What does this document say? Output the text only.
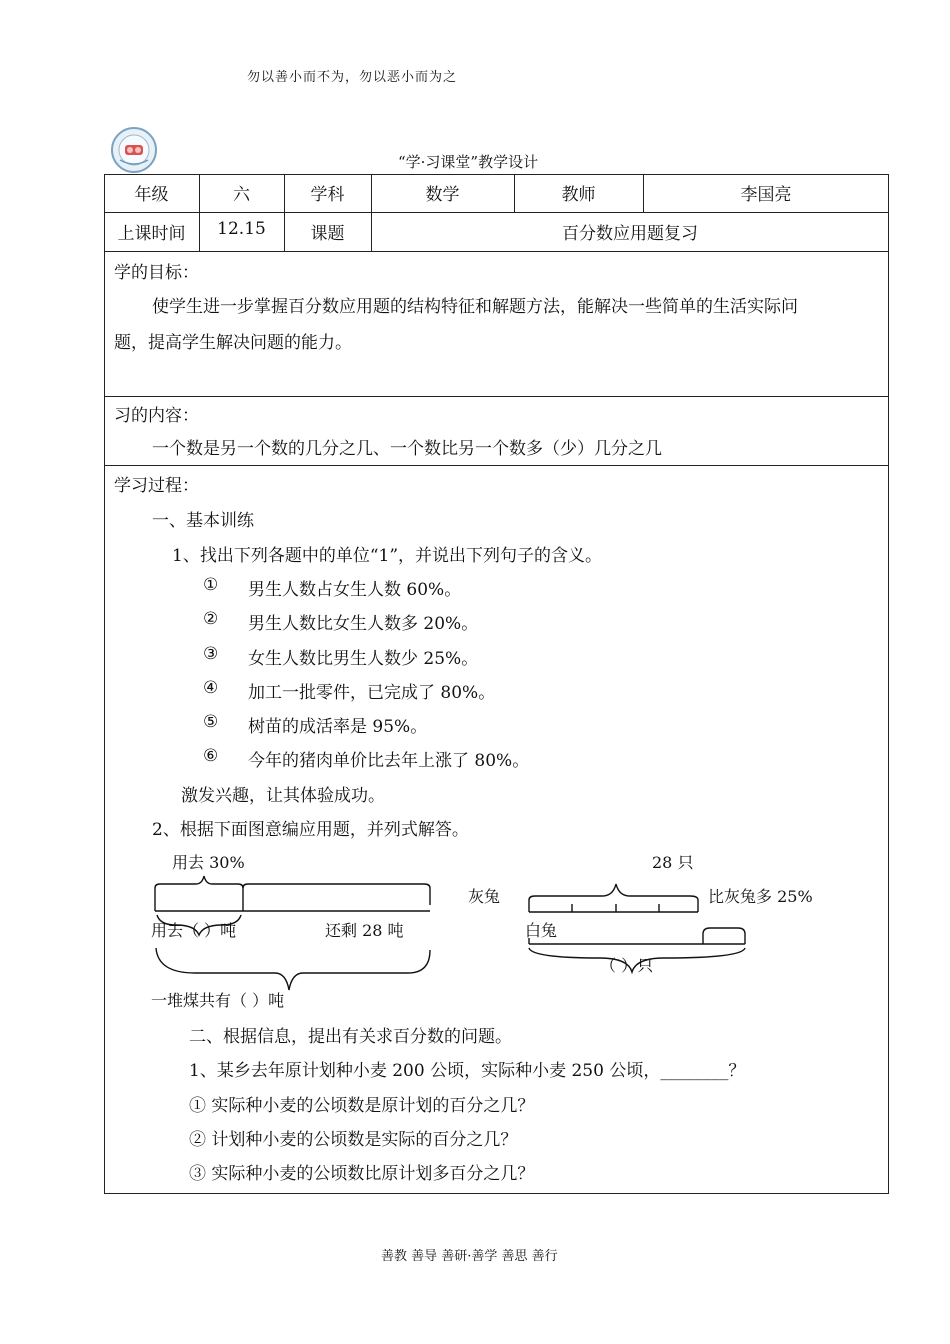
勿以善小而不为，勿以恶小而为之
“学·习课堂”教学设计
年级	六	学科	数学	教师	李国亮
上课时间	12.15	课题	百分数应用题复习
学的目标：
使学生进一步掌握百分数应用题的结构特征和解题方法，能解决一些简单的生活实际问
题，提高学生解决问题的能力。
习的内容：
一个数是另一个数的几分之几、一个数比另一个数多（少）几分之几
学习过程：
一、基本训练
1、找出下列各题中的单位“1”，并说出下列句子的含义。
① 男生人数占女生人数 60%。
② 男生人数比女生人数多 20%。
③ 女生人数比男生人数少 25%。
④ 加工一批零件，已完成了 80%。
⑤ 树苗的成活率是 95%。
⑥ 今年的猪肉单价比去年上涨了 80%。
激发兴趣，让其体验成功。
2、根据下面图意编应用题，并列式解答。
用去 30%
用去（ ）吨	还剩 28 吨
一堆煤共有（ ）吨
28 只
灰兔
白兔
比灰兔多 25%
（ ）只
二、根据信息，提出有关求百分数的问题。
1、某乡去年原计划种小麦 200 公顷，实际种小麦 250 公顷，________？
① 实际种小麦的公顷数是原计划的百分之几？
② 计划种小麦的公顷数是实际的百分之几？
③ 实际种小麦的公顷数比原计划多百分之几？
善教 善导 善研·善学 善思 善行
